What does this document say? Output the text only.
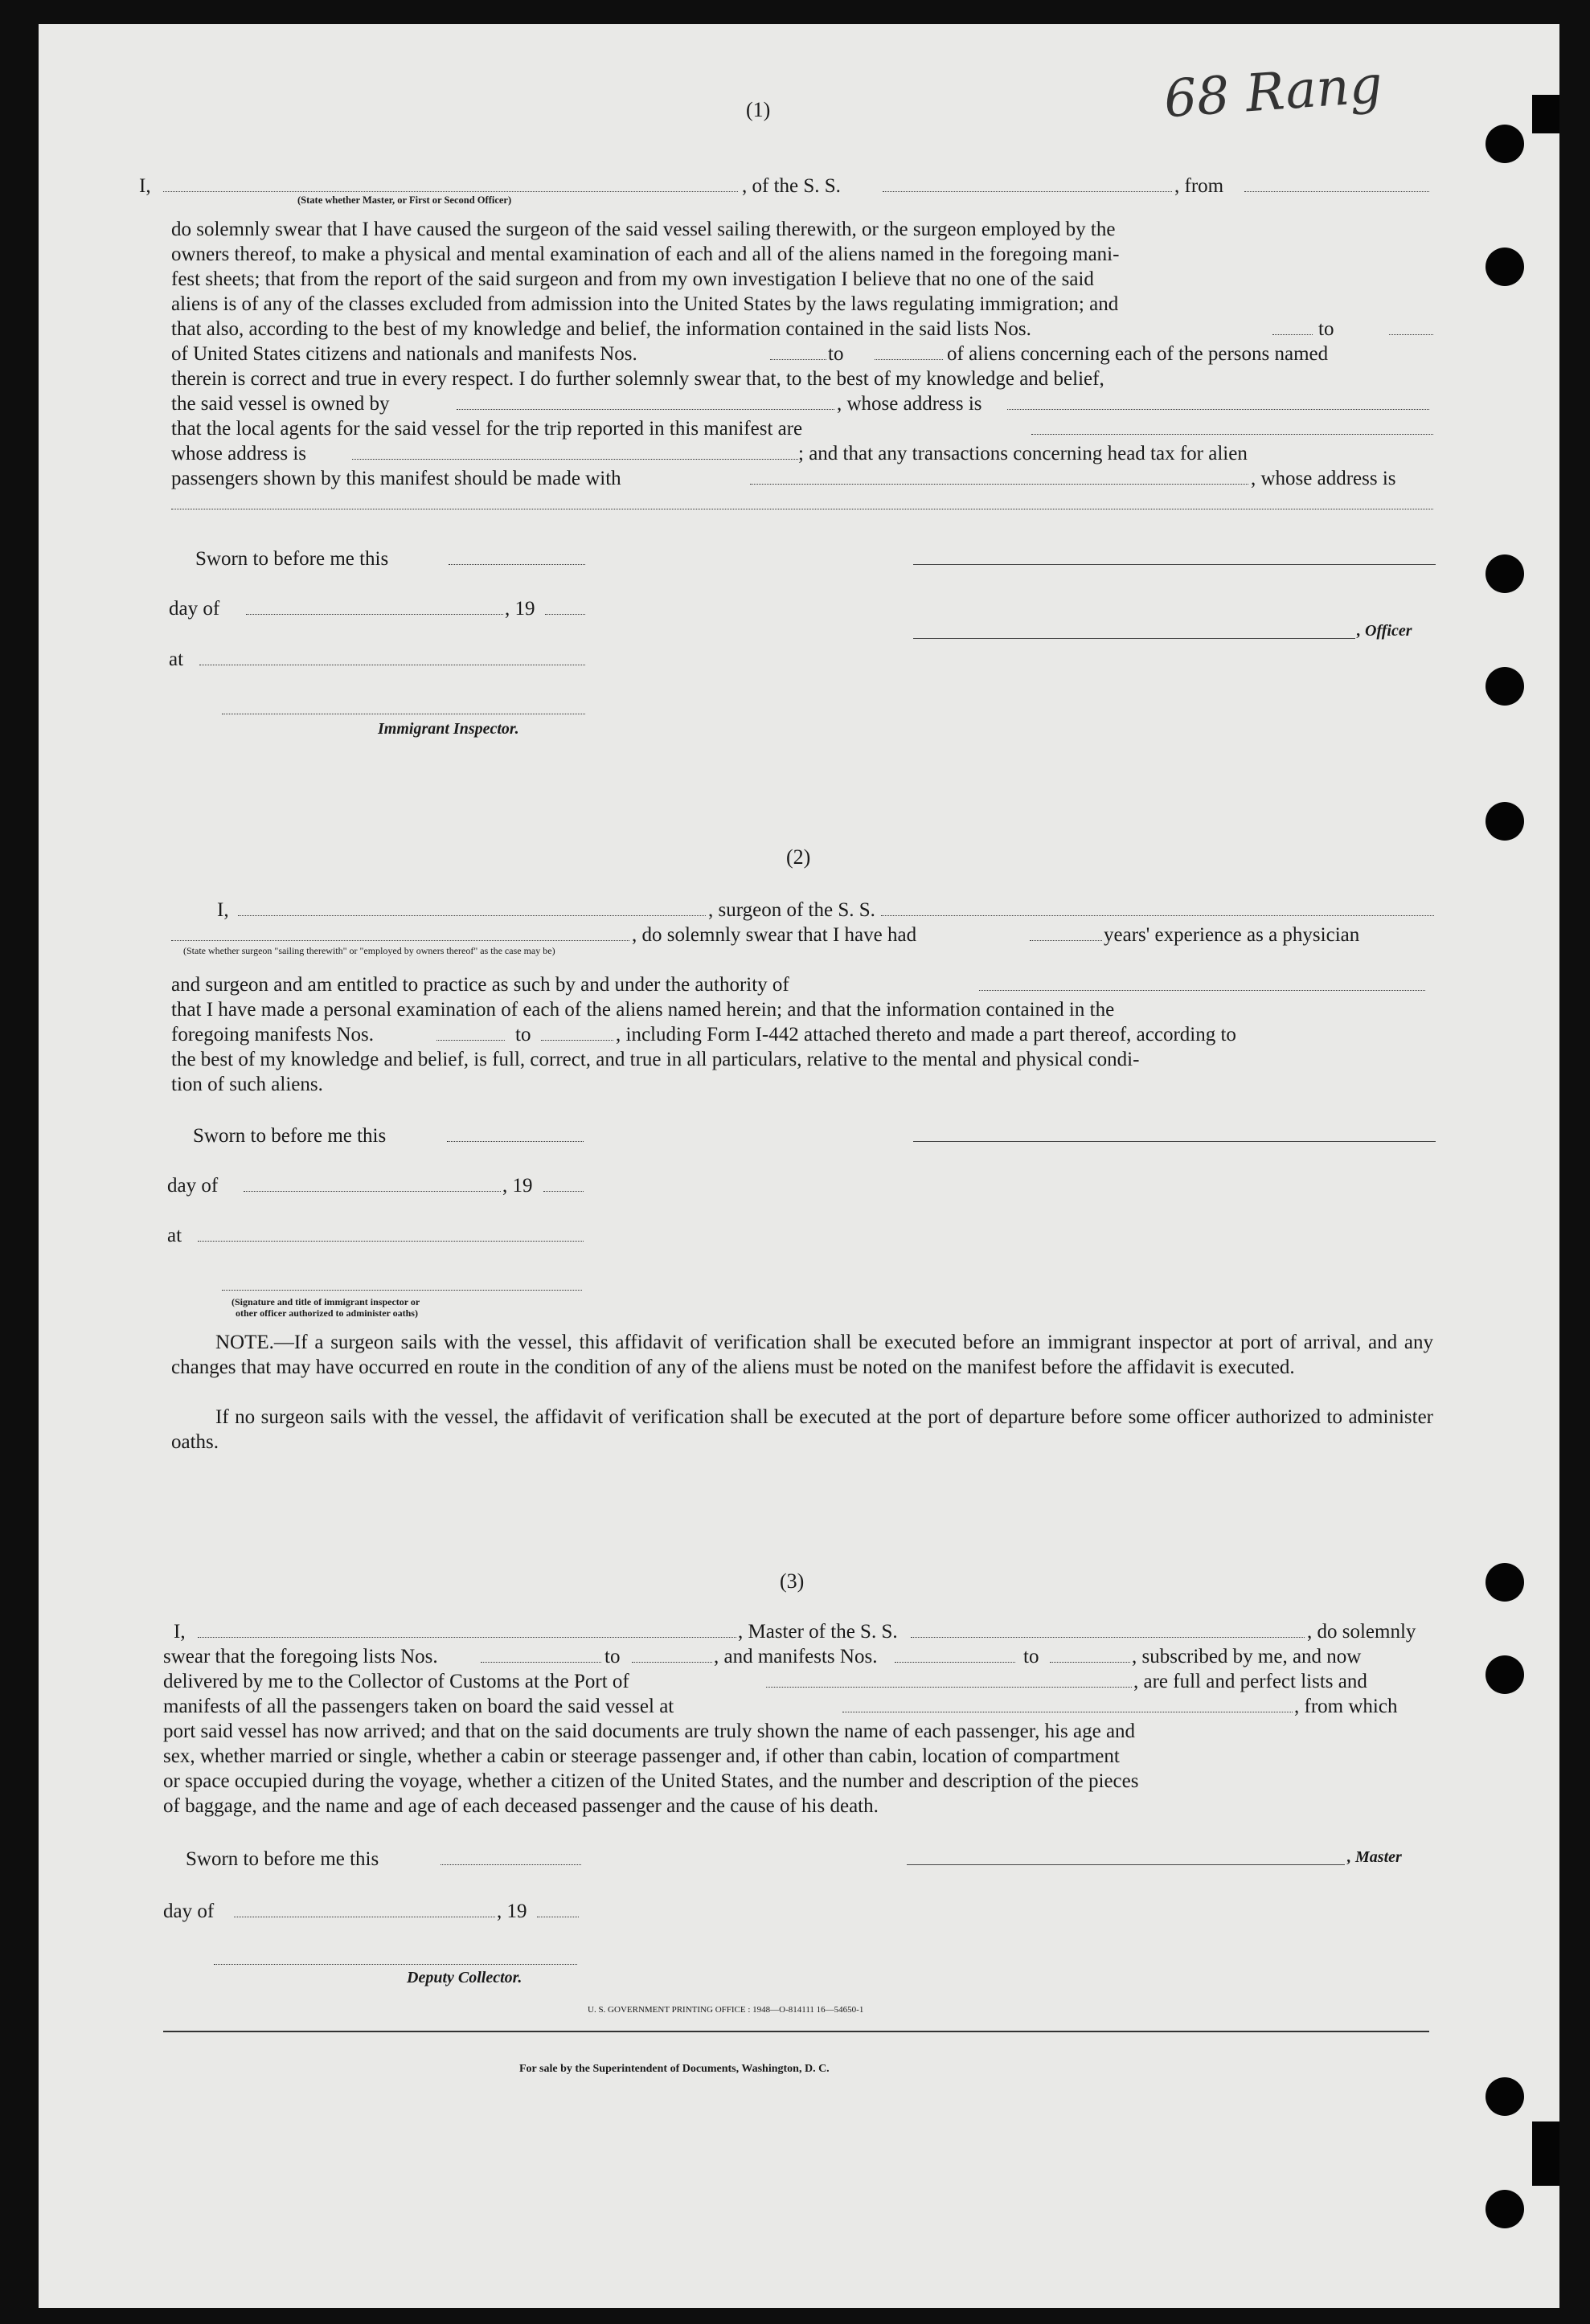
68 Rang
(1)
I,	, of the S. S.	, from
(State whether Master, or First or Second Officer)
do solemnly swear that I have caused the surgeon of the said vessel sailing therewith, or the surgeon employed by the
owners thereof, to make a physical and mental examination of each and all of the aliens named in the foregoing mani-
fest sheets; that from the report of the said surgeon and from my own investigation I believe that no one of the said
aliens is of any of the classes excluded from admission into the United States by the laws regulating immigration; and
that also, according to the best of my knowledge and belief, the information contained in the said lists Nos.	to
of United States citizens and nationals and manifests Nos.	to	of aliens concerning each of the persons named
therein is correct and true in every respect. I do further solemnly swear that, to the best of my knowledge and belief,
the said vessel is owned by	, whose address is
that the local agents for the said vessel for the trip reported in this manifest are
whose address is	; and that any transactions concerning head tax for alien
passengers shown by this manifest should be made with	, whose address is
Sworn to before me this
day of	, 19
, Officer
at
Immigrant Inspector.
(2)
I,	, surgeon of the S. S.
, do solemnly swear that I have had	years' experience as a physician
(State whether surgeon "sailing therewith" or "employed by owners thereof" as the case may be)
and surgeon and am entitled to practice as such by and under the authority of
that I have made a personal examination of each of the aliens named herein; and that the information contained in the
foregoing manifests Nos.	to	, including Form I-442 attached thereto and made a part thereof, according to
the best of my knowledge and belief, is full, correct, and true in all particulars, relative to the mental and physical condi-
tion of such aliens.
Sworn to before me this
day of	, 19
at
(Signature and title of immigrant inspector or
other officer authorized to administer oaths)
NOTE.—If a surgeon sails with the vessel, this affidavit of verification shall be executed before an immigrant inspector at port of arrival, and any changes that may have occurred en route in the condition of any of the aliens must be noted on the manifest before the affidavit is executed.
If no surgeon sails with the vessel, the affidavit of verification shall be executed at the port of departure before some officer authorized to administer oaths.
(3)
I,	, Master of the S. S.	, do solemnly
swear that the foregoing lists Nos.	to	, and manifests Nos.	to	, subscribed by me, and now
delivered by me to the Collector of Customs at the Port of	, are full and perfect lists and
manifests of all the passengers taken on board the said vessel at	, from which
port said vessel has now arrived; and that on the said documents are truly shown the name of each passenger, his age and
sex, whether married or single, whether a cabin or steerage passenger and, if other than cabin, location of compartment
or space occupied during the voyage, whether a citizen of the United States, and the number and description of the pieces
of baggage, and the name and age of each deceased passenger and the cause of his death.
Sworn to before me this	, Master
day of	, 19
Deputy Collector.
U. S. GOVERNMENT PRINTING OFFICE : 1948—O-814111 16—54650-1
For sale by the Superintendent of Documents, Washington, D. C.
